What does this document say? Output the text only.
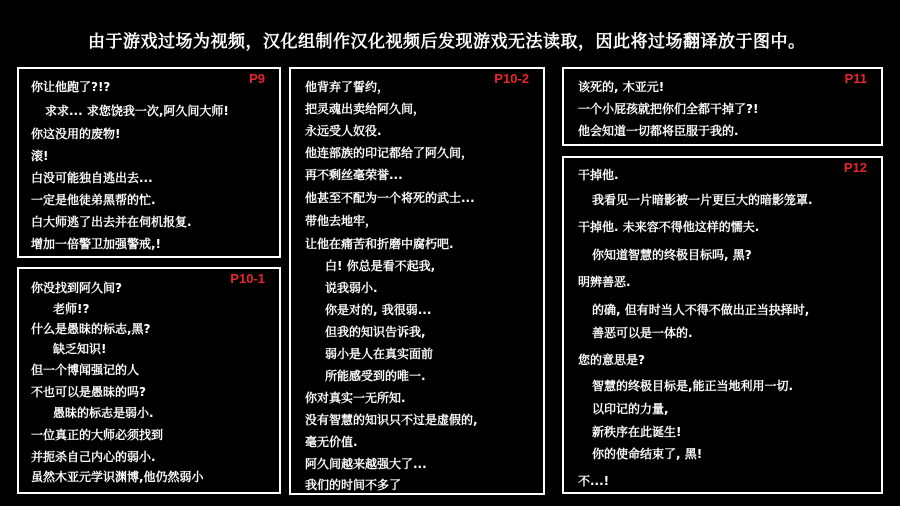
由于游戏过场为视频，汉化组制作汉化视频后发现游戏无法读取，因此将过场翻译放于图中。
P9
你让他跑了?!?
求求... 求您饶我一次,阿久间大师!
你这没用的废物!
滚!
白没可能独自逃出去...
一定是他徒弟黑帮的忙.
白大师逃了出去并在伺机报复.
增加一倍警卫加强警戒,!
P10-1
你没找到阿久间?
老师!?
什么是愚昧的标志,黑?
缺乏知识!
但一个博闻强记的人
不也可以是愚昧的吗?
愚昧的标志是弱小.
一位真正的大师必须找到
并扼杀自己内心的弱小.
虽然木亚元学识渊博,他仍然弱小
P10-2
他背弃了誓约，
把灵魂出卖给阿久间，
永远受人奴役.
他连部族的印记都给了阿久间，
再不剩丝毫荣誉...
他甚至不配为一个将死的武士...
带他去地牢，
让他在痛苦和折磨中腐朽吧.
白! 你总是看不起我,
说我弱小.
你是对的, 我很弱...
但我的知识告诉我,
弱小是人在真实面前
所能感受到的唯一.
你对真实一无所知.
没有智慧的知识只不过是虚假的,
毫无价值.
阿久间越来越强大了...
我们的时间不多了
P11
该死的, 木亚元!
一个小屁孩就把你们全都干掉了?!
他会知道一切都将臣服于我的.
P12
干掉他.
我看见一片暗影被一片更巨大的暗影笼罩.
干掉他. 未来容不得他这样的懦夫.
你知道智慧的终极目标吗, 黑?
明辨善恶.
的确, 但有时当人不得不做出正当抉择时,
善恶可以是一体的.
您的意思是?
智慧的终极目标是,能正当地利用一切.
以印记的力量,
新秩序在此诞生!
你的使命结束了, 黑!
不...!
